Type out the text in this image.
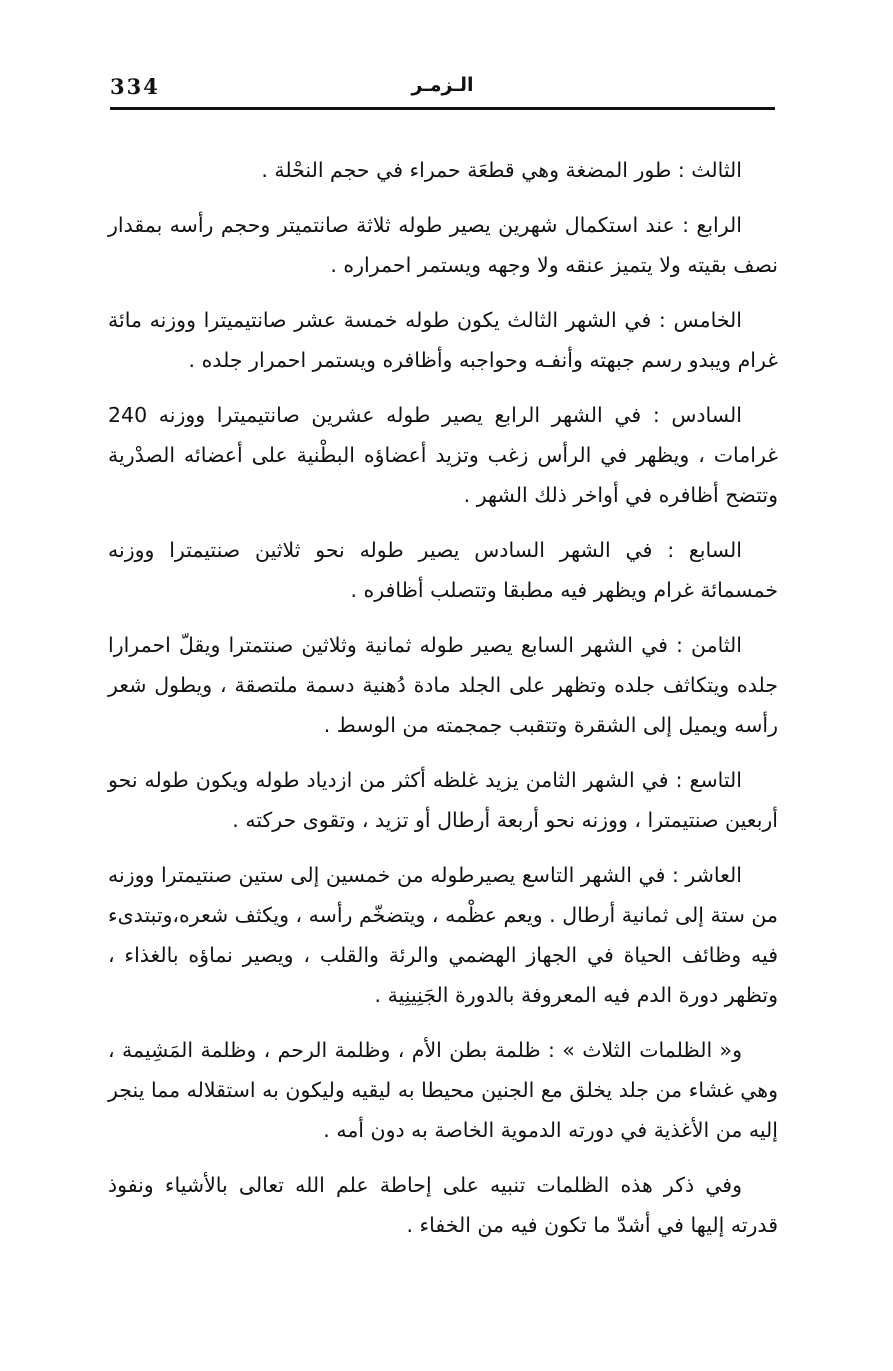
334	الـزمـر

الثالث : طور المضغة وهي قطعَة حمراء في حجم النحْلة .

الرابع : عند استكمال شهرين يصير طوله ثلاثة صانتميتر وحجم رأسه بمقدار نصف بقيته ولا يتميز عنقه ولا وجهه ويستمر احمراره .

الخامس : في الشهر الثالث يكون طوله خمسة عشر صانتيميترا ووزنه مائة غرام ويبدو رسم جبهته وأنفـه وحواجبه وأظافره ويستمر احمرار جلده .

السادس : في الشهر الرابع يصير طوله عشرين صانتيميترا ووزنه 240 غرامات ، ويظهر في الرأس زغب وتزيد أعضاؤه البطْنية على أعضائه الصدْرية وتتضح أظافره في أواخر ذلك الشهر .

السابع : في الشهر السادس يصير طوله نحو ثلاثين صنتيمترا ووزنه خمسمائة غرام ويظهر فيه مطبقا وتتصلب أظافره .

الثامن : في الشهر السابع يصير طوله ثمانية وثلاثين صنتمترا ويقلّ احمرارا جلده ويتكاثف جلده وتظهر على الجلد مادة دُهنية دسمة ملتصقة ، ويطول شعر رأسه ويميل إلى الشقرة وتتقبب جمجمته من الوسط .

التاسع : في الشهر الثامن يزيد غلظه أكثر من ازدياد طوله ويكون طوله نحو أربعين صنتيمترا ، ووزنه نحو أربعة أرطال أو تزيد ، وتقوى حركته .

العاشر : في الشهر التاسع يصيرطوله من خمسين إلى ستين صنتيمترا ووزنه من ستة إلى ثمانية أرطال . ويعم عظْمه ، ويتضخّم رأسه ، ويكثف شعره،وتبتدىء فيه وظائف الحياة في الجهاز الهضمي والرئة والقلب ، ويصير نماؤه بالغذاء ، وتظهر دورة الدم فيه المعروفة بالدورة الجَنِينِية .

و« الظلمات الثلاث » : ظلمة بطن الأم ، وظلمة الرحم ، وظلمة المَشِيمة ، وهي غشاء من جلد يخلق مع الجنين محيطا به ليقيه وليكون به استقلاله مما ينجر إليه من الأغذية في دورته الدموية الخاصة به دون أمه .

وفي ذكر هذه الظلمات تنبيه على إحاطة علم الله تعالى بالأشياء ونفوذ قدرته إليها في أشدّ ما تكون فيه من الخفاء .
